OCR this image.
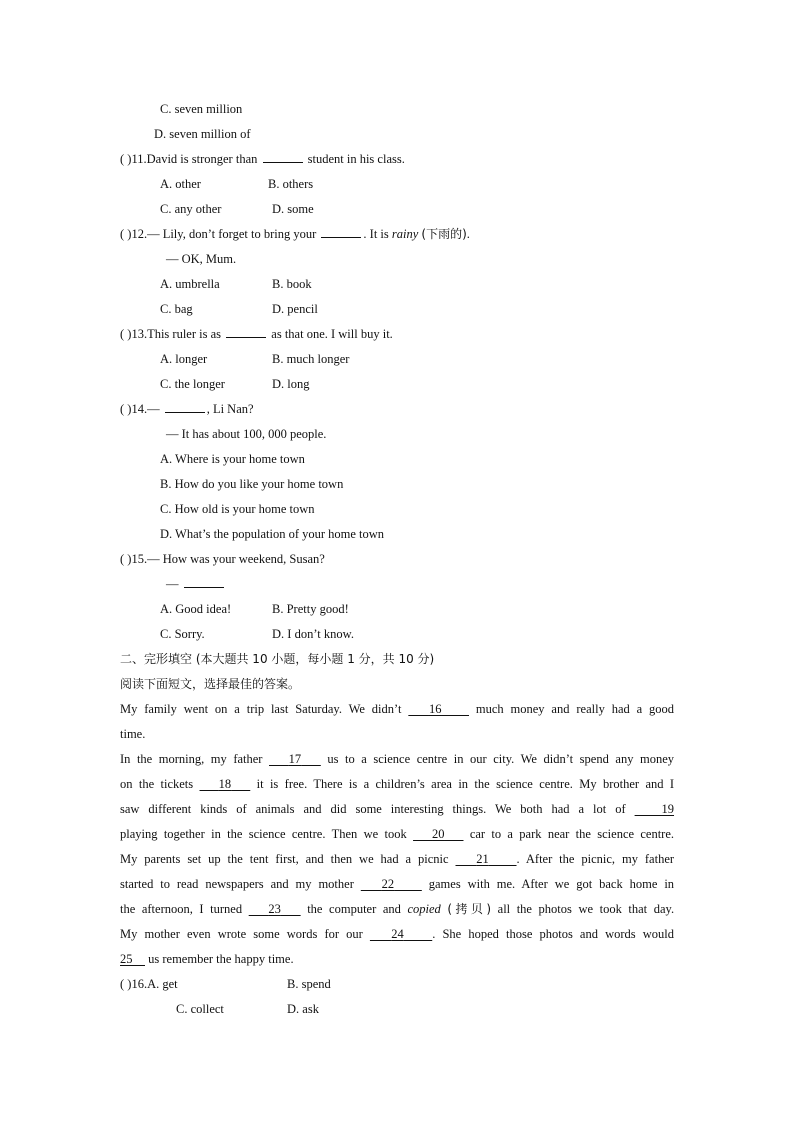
C. seven million
D. seven million of
( )11.David is stronger than	student in his class.
A. other	B. others
C. any other	D. some
( )12.— Lily, don’t forget to bring your	. It is rainy (下雨的).
— OK, Mum.
A. umbrella	B. book
C. bag	D. pencil
( )13.This ruler is as	as that one. I will buy it.
A. longer	B. much longer
C. the longer	D. long
( )14.—	, Li Nan?
— It has about 100, 000 people.
A. Where is your home town
B. How do you like your home town
C. How old is your home town
D. What’s the population of your home town
( )15.— How was your weekend, Susan?
—
A. Good idea!	B. Pretty good!
C. Sorry.	D. I don’t know.
二、完形填空 (本大题共 10 小题，每小题 1 分，共 10 分)
阅读下面短文，选择最佳的答案。
My family went on a trip last Saturday. We didn’t 16	much money and really had a good
time.
In the morning, my father 17 us to a science centre in our city. We didn’t spend any money
on the tickets 18 it is free. There is a children’s area in the science centre. My brother and I
saw different kinds of animals and did some interesting things. We both had a lot of	19
playing together in the science centre. Then we took 20 car to a park near the science centre.
My parents set up the tent first, and then we had a picnic 21 . After the picnic, my father
started to read newspapers and my mother 22	games with me. After we got back home in
the afternoon, I turned 23 the computer and copied (拷贝) all the photos we took that day.
My mother even wrote some words for our 24 . She hoped those photos and words would
25 us remember the happy time.
( )16.A. get	B. spend
C. collect	D. ask
